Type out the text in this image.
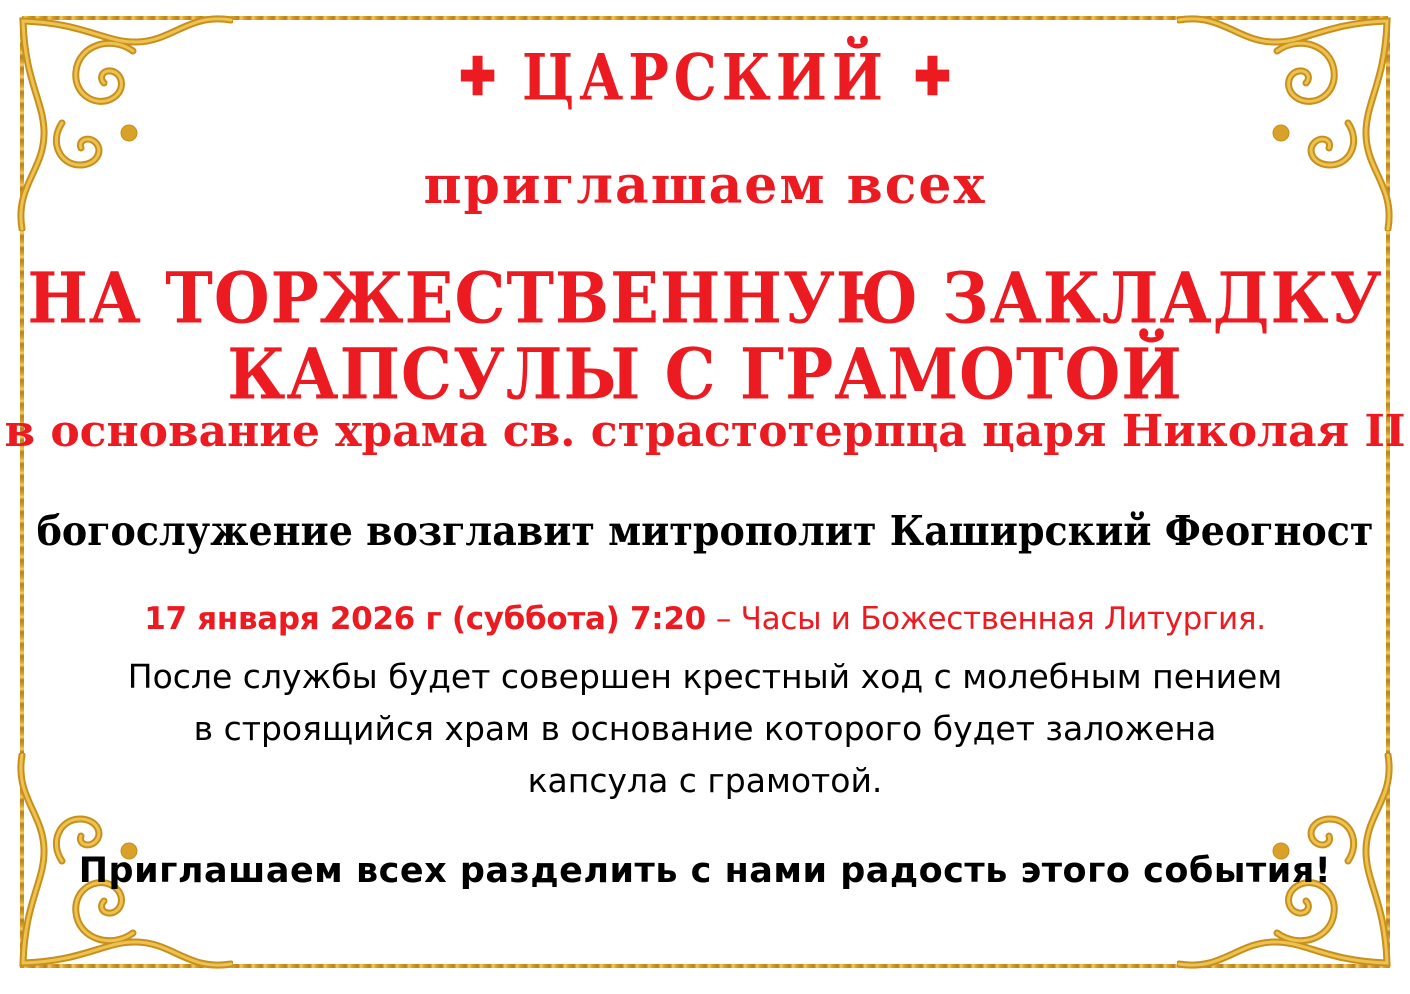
✚ ЦАРСКИЙ ✚
приглашаем всех
НА ТОРЖЕСТВЕННУЮ ЗАКЛАДКУ
КАПСУЛЫ С ГРАМОТОЙ
в основание храма св. страстотерпца царя Николая II
богослужение возглавит митрополит Каширский Феогност
17 января 2026 г (суббота) 7:20 – Часы и Божественная Литургия.
После службы будет совершен крестный ход с молебным пением в строящийся храм в основание которого будет заложена капсула с грамотой.
Приглашаем всех разделить с нами радость этого события!
